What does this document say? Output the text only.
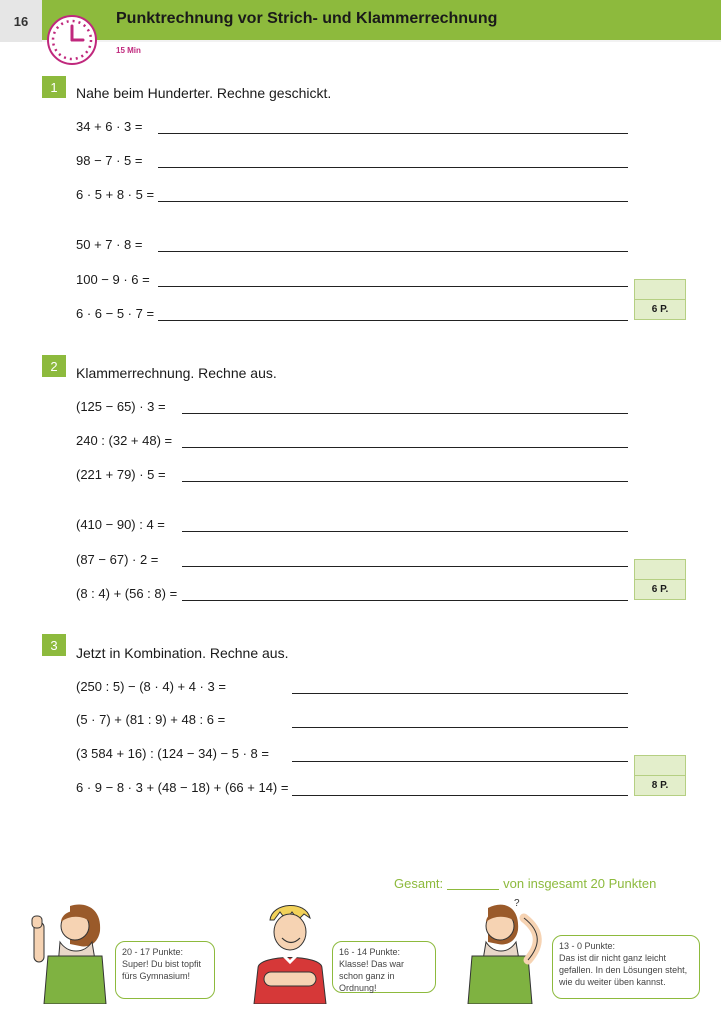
16	Punktrechnung vor Strich- und Klammerrechnung
15 Min
1	Nahe beim Hunderter. Rechne geschickt.
34 + 6 · 3 =
98 − 7 · 5 =
6 · 5 + 8 · 5 =
50 + 7 · 8 =
100 − 9 · 6 =
6 · 6 − 5 · 7 =	6 P.
2	Klammerrechnung. Rechne aus.
(125 − 65) · 3 =
240 : (32 + 48) =
(221 + 79) · 5 =
(410 − 90) : 4 =
(87 − 67) · 2 =
(8 : 4) + (56 : 8) =	6 P.
3	Jetzt in Kombination. Rechne aus.
(250 : 5) − (8 · 4) + 4 · 3 =
(5 · 7) + (81 : 9) + 48 : 6 =
(3 584 + 16) : (124 − 34) − 5 · 8 =
6 · 9 − 8 · 3 + (48 − 18) + (66 + 14) =	8 P.
Gesamt:	von insgesamt 20 Punkten
20 - 17 Punkte:
Super! Du bist topfit fürs Gymnasium!
16 - 14 Punkte:
Klasse! Das war schon ganz in Ordnung!
?
13 - 0 Punkte:
Das ist dir nicht ganz leicht gefallen. In den Lösungen steht, wie du weiter üben kannst.
